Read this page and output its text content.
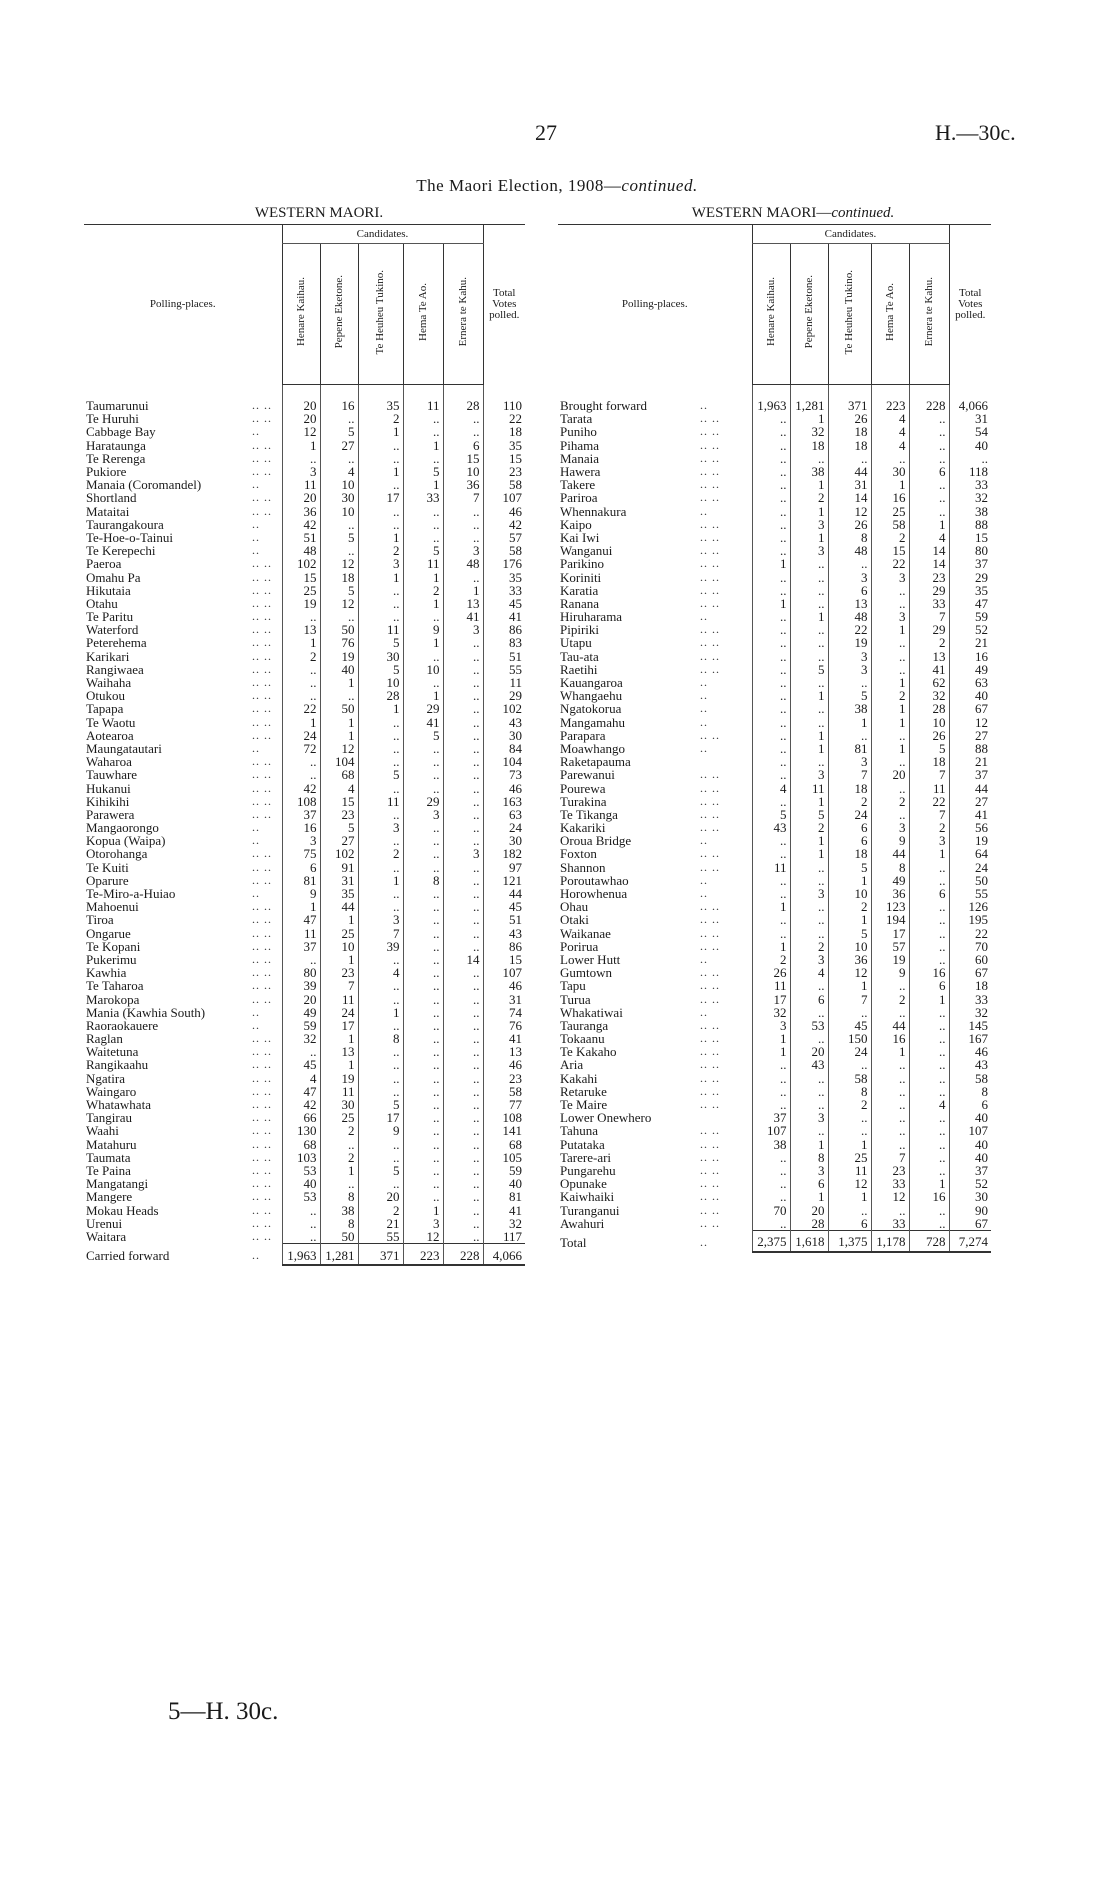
27	H.—30c.
The Maori Election, 1908—continued.
WESTERN MAORI.
Polling-places.		Candidates.					Total
Votes
polled.
		Henare Kaihau.	Pepene Eketone.	Te Heuheu Tukino.	Hema Te Ao.	Ernera te Kahu.	

Taumarunui	.. ..	20	16	35	11	28	110
Te Huruhi	.. ..	20	..	2	..	..	22
Cabbage Bay	..	12	5	1	..	..	18
Harataunga	.. ..	1	27	..	1	6	35
Te Rerenga	.. ..	..	..	..	..	15	15
Pukiore	.. ..	3	4	1	5	10	23
Manaia (Coromandel)	..	11	10	..	1	36	58
Shortland	.. ..	20	30	17	33	7	107
Mataitai	.. ..	36	10	..	..	..	46
Taurangakoura	..	42	..	..	..	..	42
Te-Hoe-o-Tainui	..	51	5	1	..	..	57
Te Kerepechi	..	48	..	2	5	3	58
Paeroa	.. ..	102	12	3	11	48	176
Omahu Pa	.. ..	15	18	1	1	..	35
Hikutaia	.. ..	25	5	..	2	1	33
Otahu	.. ..	19	12	..	1	13	45
Te Paritu	.. ..	..	..	..	..	41	41
Waterford	.. ..	13	50	11	9	3	86
Peterehema	.. ..	1	76	5	1	..	83
Karikari	.. ..	2	19	30	..	..	51
Rangiwaea	.. ..	..	40	5	10	..	55
Waihaha	.. ..	..	1	10	..	..	11
Otukou	.. ..	..	..	28	1	..	29
Tapapa	.. ..	22	50	1	29	..	102
Te Waotu	.. ..	1	1	..	41	..	43
Aotearoa	.. ..	24	1	..	5	..	30
Maungatautari	..	72	12	..	..	..	84
Waharoa	.. ..	..	104	..	..	..	104
Tauwhare	.. ..	..	68	5	..	..	73
Hukanui	.. ..	42	4	..	..	..	46
Kihikihi	.. ..	108	15	11	29	..	163
Parawera	.. ..	37	23	..	3	..	63
Mangaorongo	..	16	5	3	..	..	24
Kopua (Waipa)	..	3	27	..	..	..	30
Otorohanga	.. ..	75	102	2	..	3	182
Te Kuiti	.. ..	6	91	..	..	..	97
Oparure	.. ..	81	31	1	8	..	121
Te-Miro-a-Huiao	..	9	35	..	..	..	44
Mahoenui	.. ..	1	44	..	..	..	45
Tiroa	.. ..	47	1	3	..	..	51
Ongarue	.. ..	11	25	7	..	..	43
Te Kopani	.. ..	37	10	39	..	..	86
Pukerimu	.. ..	..	1	..	..	14	15
Kawhia	.. ..	80	23	4	..	..	107
Te Taharoa	.. ..	39	7	..	..	..	46
Marokopa	.. ..	20	11	..	..	..	31
Mania (Kawhia South)	..	49	24	1	..	..	74
Raoraokauere	..	59	17	..	..	..	76
Raglan	.. ..	32	1	8	..	..	41
Waitetuna	.. ..	..	13	..	..	..	13
Rangikaahu	.. ..	45	1	..	..	..	46
Ngatira	.. ..	4	19	..	..	..	23
Waingaro	.. ..	47	11	..	..	..	58
Whatawhata	.. ..	42	30	5	..	..	77
Tangirau	.. ..	66	25	17	..	..	108
Waahi	.. ..	130	2	9	..	..	141
Matahuru	.. ..	68	..	..	..	..	68
Taumata	.. ..	103	2	..	..	..	105
Te Paina	.. ..	53	1	5	..	..	59
Mangatangi	.. ..	40	..	..	..	..	40
Mangere	.. ..	53	8	20	..	..	81
Mokau Heads	.. ..	..	38	2	1	..	41
Urenui	.. ..	..	8	21	3	..	32
Waitara	.. ..	..	50	55	12	..	117
Carried forward	..	1,963	1,281	371	223	228	4,066
WESTERN MAORI—continued.
Polling-places.		Candidates.					Total
Votes
polled.
		Henare Kaihau.	Pepene Eketone.	Te Heuheu Tukino.	Hema Te Ao.	Ernera te Kahu.	

Brought forward	..	1,963	1,281	371	223	228	4,066
Tarata	.. ..	..	1	26	4	..	31
Puniho	.. ..	..	32	18	4	..	54
Pihama	.. ..	..	18	18	4	..	40
Manaia	.. ..	..	..	..	..	..	..
Hawera	.. ..	..	38	44	30	6	118
Takere	.. ..	..	1	31	1	..	33
Pariroa	.. ..	..	2	14	16	..	32
Whennakura	..	..	1	12	25	..	38
Kaipo	.. ..	..	3	26	58	1	88
Kai Iwi	.. ..	..	1	8	2	4	15
Wanganui	.. ..	..	3	48	15	14	80
Parikino	.. ..	1	..	..	22	14	37
Koriniti	.. ..	..	..	3	3	23	29
Karatia	.. ..	..	..	6	..	29	35
Ranana	.. ..	1	..	13	..	33	47
Hiruharama	..	..	1	48	3	7	59
Pipiriki	.. ..	..	..	22	1	29	52
Utapu	.. ..	..	..	19	..	2	21
Tau-ata	.. ..	..	..	3	..	13	16
Raetihi	.. ..	..	5	3	..	41	49
Kauangaroa	..	..	..	..	1	62	63
Whangaehu	..	..	1	5	2	32	40
Ngatokorua	..	..	..	38	1	28	67
Mangamahu	..	..	..	1	1	10	12
Parapara	.. ..	..	1	..	..	26	27
Moawhango	..	..	1	81	1	5	88
Raketapauma		..	..	3	..	18	21
Parewanui	.. ..	..	3	7	20	7	37
Pourewa	.. ..	4	11	18	..	11	44
Turakina	.. ..	..	1	2	2	22	27
Te Tikanga	.. ..	5	5	24	..	7	41
Kakariki	.. ..	43	2	6	3	2	56
Oroua Bridge	..	..	1	6	9	3	19
Foxton	.. ..	..	1	18	44	1	64
Shannon	.. ..	11	..	5	8	..	24
Poroutawhao	..	..	..	1	49	..	50
Horowhenua	..	..	3	10	36	6	55
Ohau	.. ..	1	..	2	123	..	126
Otaki	.. ..	..	..	1	194	..	195
Waikanae	.. ..	..	..	5	17	..	22
Porirua	.. ..	1	2	10	57	..	70
Lower Hutt	..	2	3	36	19	..	60
Gumtown	.. ..	26	4	12	9	16	67
Tapu	.. ..	11	..	1	..	6	18
Turua	.. ..	17	6	7	2	1	33
Whakatiwai	..	32	..	..	..	..	32
Tauranga	.. ..	3	53	45	44	..	145
Tokaanu	.. ..	1	..	150	16	..	167
Te Kakaho	.. ..	1	20	24	1	..	46
Aria	.. ..	..	43	..	..	..	43
Kakahi	.. ..	..	..	58	..	..	58
Retaruke	.. ..	..	..	8	..	..	8
Te Maire	.. ..	..	..	2	..	4	6
Lower Onewhero		37	3	..	..	..	40
Tahuna	.. ..	107	..	..	..	..	107
Putataka	.. ..	38	1	1	..	..	40
Tarere-ari	.. ..	..	8	25	7	..	40
Pungarehu	.. ..	..	3	11	23	..	37
Opunake	.. ..	..	6	12	33	1	52
Kaiwhaiki	.. ..	..	1	1	12	16	30
Turanganui	.. ..	70	20	..	..	..	90
Awahuri	.. ..	..	28	6	33	..	67
Total	..	2,375	1,618	1,375	1,178	728	7,274
5—H. 30c.
